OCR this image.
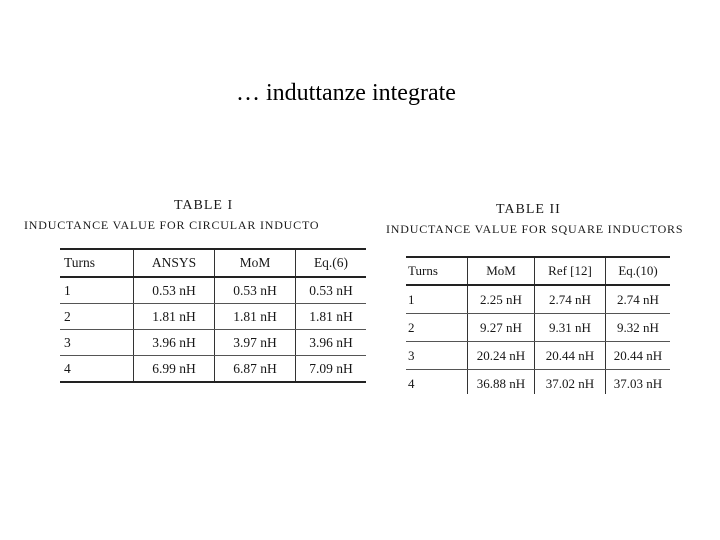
… induttanze integrate
TABLE I
INDUCTANCE VALUE FOR CIRCULAR INDUCTO
Turns	ANSYS	MoM	Eq.(6)
1	0.53 nH	0.53 nH	0.53 nH
2	1.81 nH	1.81 nH	1.81 nH
3	3.96 nH	3.97 nH	3.96 nH
4	6.99 nH	6.87 nH	7.09 nH
TABLE II
INDUCTANCE VALUE FOR SQUARE INDUCTORS
Turns	MoM	Ref [12]	Eq.(10)
1	2.25 nH	2.74 nH	2.74 nH
2	9.27 nH	9.31 nH	9.32 nH
3	20.24 nH	20.44 nH	20.44 nH
4	36.88 nH	37.02 nH	37.03 nH
